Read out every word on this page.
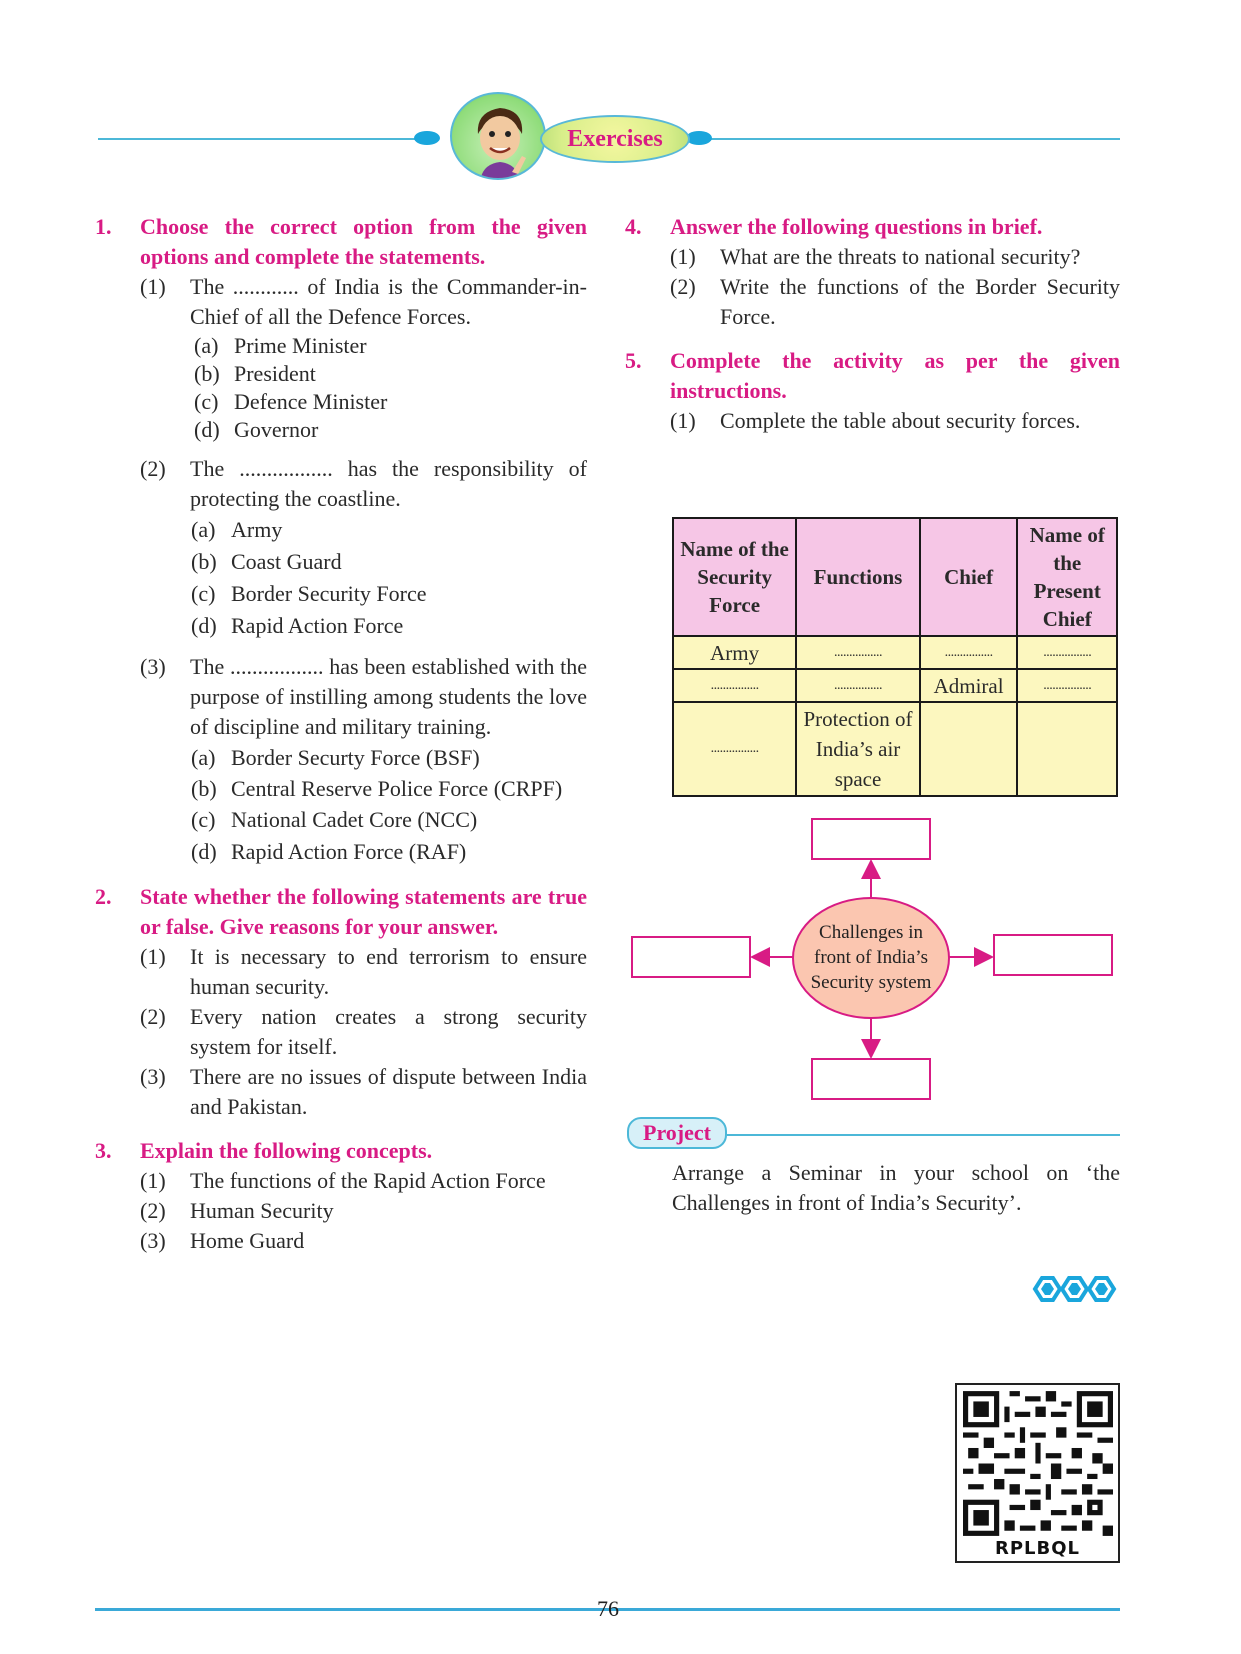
Exercises
1.	Choose the correct option from the given options and complete the statements.
(1)	The ............ of India is the Commander-in-Chief of all the Defence Forces.
(a) Prime Minister
(b) President
(c) Defence Minister
(d) Governor
(2)	The ................. has the responsibility of protecting the coastline.
(a) Army
(b) Coast Guard
(c) Border Security Force
(d) Rapid Action Force
(3)	The ................. has been established with the purpose of instilling among students the love of discipline and military training.
(a) Border Securty Force (BSF)
(b) Central Reserve Police Force (CRPF)
(c) National Cadet Core (NCC)
(d) Rapid Action Force (RAF)
2.	State whether the following statements are true or false. Give reasons for your answer.
(1)	It is necessary to end terrorism to ensure human security.
(2)	Every nation creates a strong security system for itself.
(3)	There are no issues of dispute between India and Pakistan.
3.	Explain the following concepts.
(1)	The functions of the Rapid Action Force
(2)	Human Security
(3)	Home Guard
4.	Answer the following questions in brief.
(1)	What are the threats to national security?
(2)	Write the functions of the Border Security Force.
5.	Complete the activity as per the given instructions.
(1)	Complete the table about security forces.
Name of the Security Force	Functions	Chief	Name of the Present Chief
Army	................	................	................
................	................	Admiral	................
................	Protection of India’s air space		
Challenges in
front of India’s
Security system
Project
Arrange a Seminar in your school on ‘the Challenges in front of India’s Security’.
RPLBQL
76
